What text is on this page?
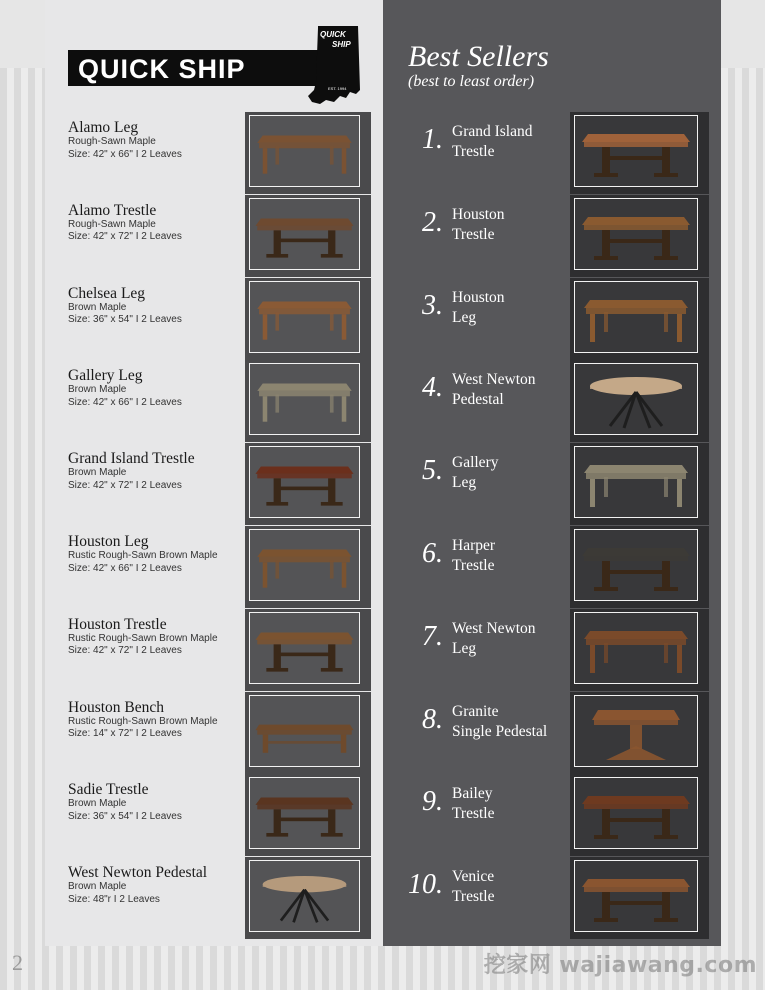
QUICK SHIP
QUICK
SHIP
EST. 1994
Alamo Leg
Rough-Sawn Maple
Size: 42" x 66" I 2 Leaves
Alamo Trestle
Rough-Sawn Maple
Size: 42" x 72" I 2 Leaves
Chelsea Leg
Brown Maple
Size: 36" x 54" I 2 Leaves
Gallery Leg
Brown Maple
Size: 42" x 66" I 2 Leaves
Grand Island Trestle
Brown Maple
Size: 42" x 72" I 2 Leaves
Houston Leg
Rustic Rough-Sawn Brown Maple
Size: 42" x 66" I 2 Leaves
Houston Trestle
Rustic Rough-Sawn Brown Maple
Size: 42" x 72" I 2 Leaves
Houston Bench
Rustic Rough-Sawn Brown Maple
Size: 14" x 72" I 2 Leaves
Sadie Trestle
Brown Maple
Size: 36" x 54" I 2 Leaves
West Newton Pedestal
Brown Maple
Size: 48"r I 2 Leaves
Best Sellers
(best to least order)
1. Grand Island
Trestle
2. Houston
Trestle
3. Houston
Leg
4. West Newton
Pedestal
5. Gallery
Leg
6. Harper
Trestle
7. West Newton
Leg
8. Granite
Single Pedestal
9. Bailey
Trestle
10. Venice
Trestle
2	挖家网 wajiawang.com
